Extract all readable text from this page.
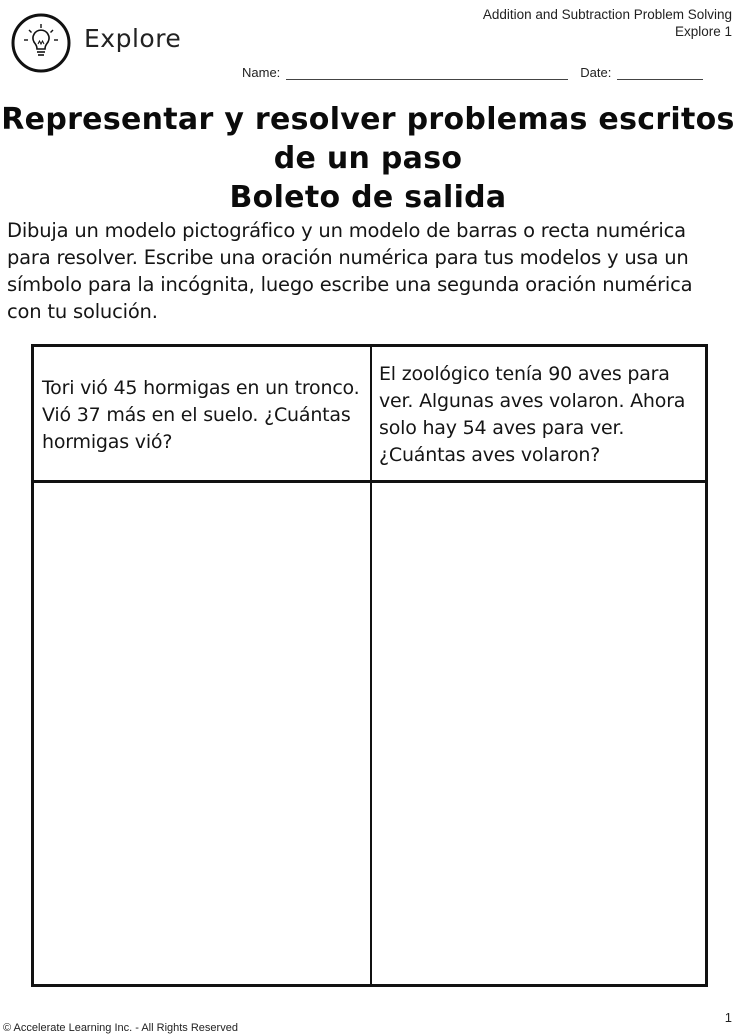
Explore
Addition and Subtraction Problem Solving
Explore 1
Name:	Date:
Representar y resolver problemas escritos
de un paso
Boleto de salida
Dibuja un modelo pictográfico y un modelo de barras o recta numérica para resolver. Escribe una oración numérica para tus modelos y usa un símbolo para la incógnita, luego escribe una segunda oración numérica con tu solución.
Tori vió 45 hormigas en un tronco. Vió 37 más en el suelo. ¿Cuántas hormigas vió?
El zoológico tenía 90 aves para ver. Algunas aves volaron. Ahora solo hay 54 aves para ver. ¿Cuántas aves volaron?
© Accelerate Learning Inc. - All Rights Reserved
1
